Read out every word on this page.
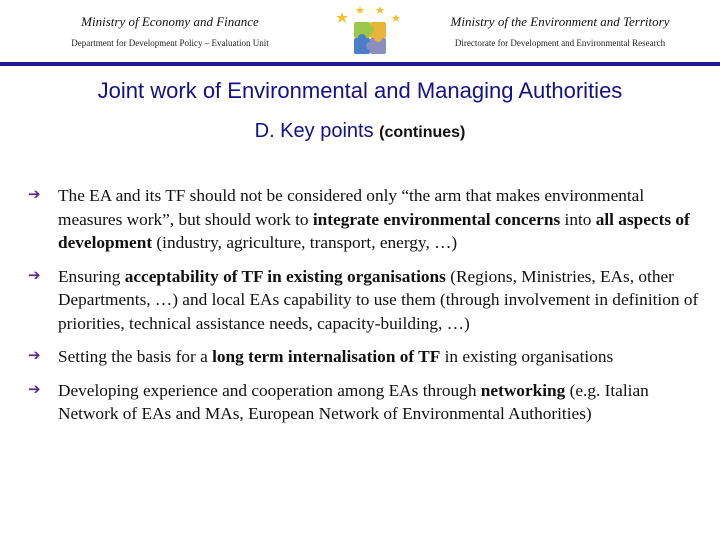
Ministry of Economy and Finance
Department for Development Policy – Evaluation Unit
Ministry of the Environment and Territory
Directorate for Development and Environmental Research
Joint work of Environmental and Managing Authorities
D. Key points (continues)
➔ The EA and its TF should not be considered only “the arm that makes environmental measures work”, but should work to integrate environmental concerns into all aspects of development (industry, agriculture, transport, energy, …)
➔ Ensuring acceptability of TF in existing organisations (Regions, Ministries, EAs, other Departments, …) and local EAs capability to use them (through involvement in definition of priorities, technical assistance needs, capacity-building, …)
➔ Setting the basis for a long term internalisation of TF in existing organisations
➔ Developing experience and cooperation among EAs through networking (e.g. Italian Network of EAs and MAs, European Network of Environmental Authorities)
